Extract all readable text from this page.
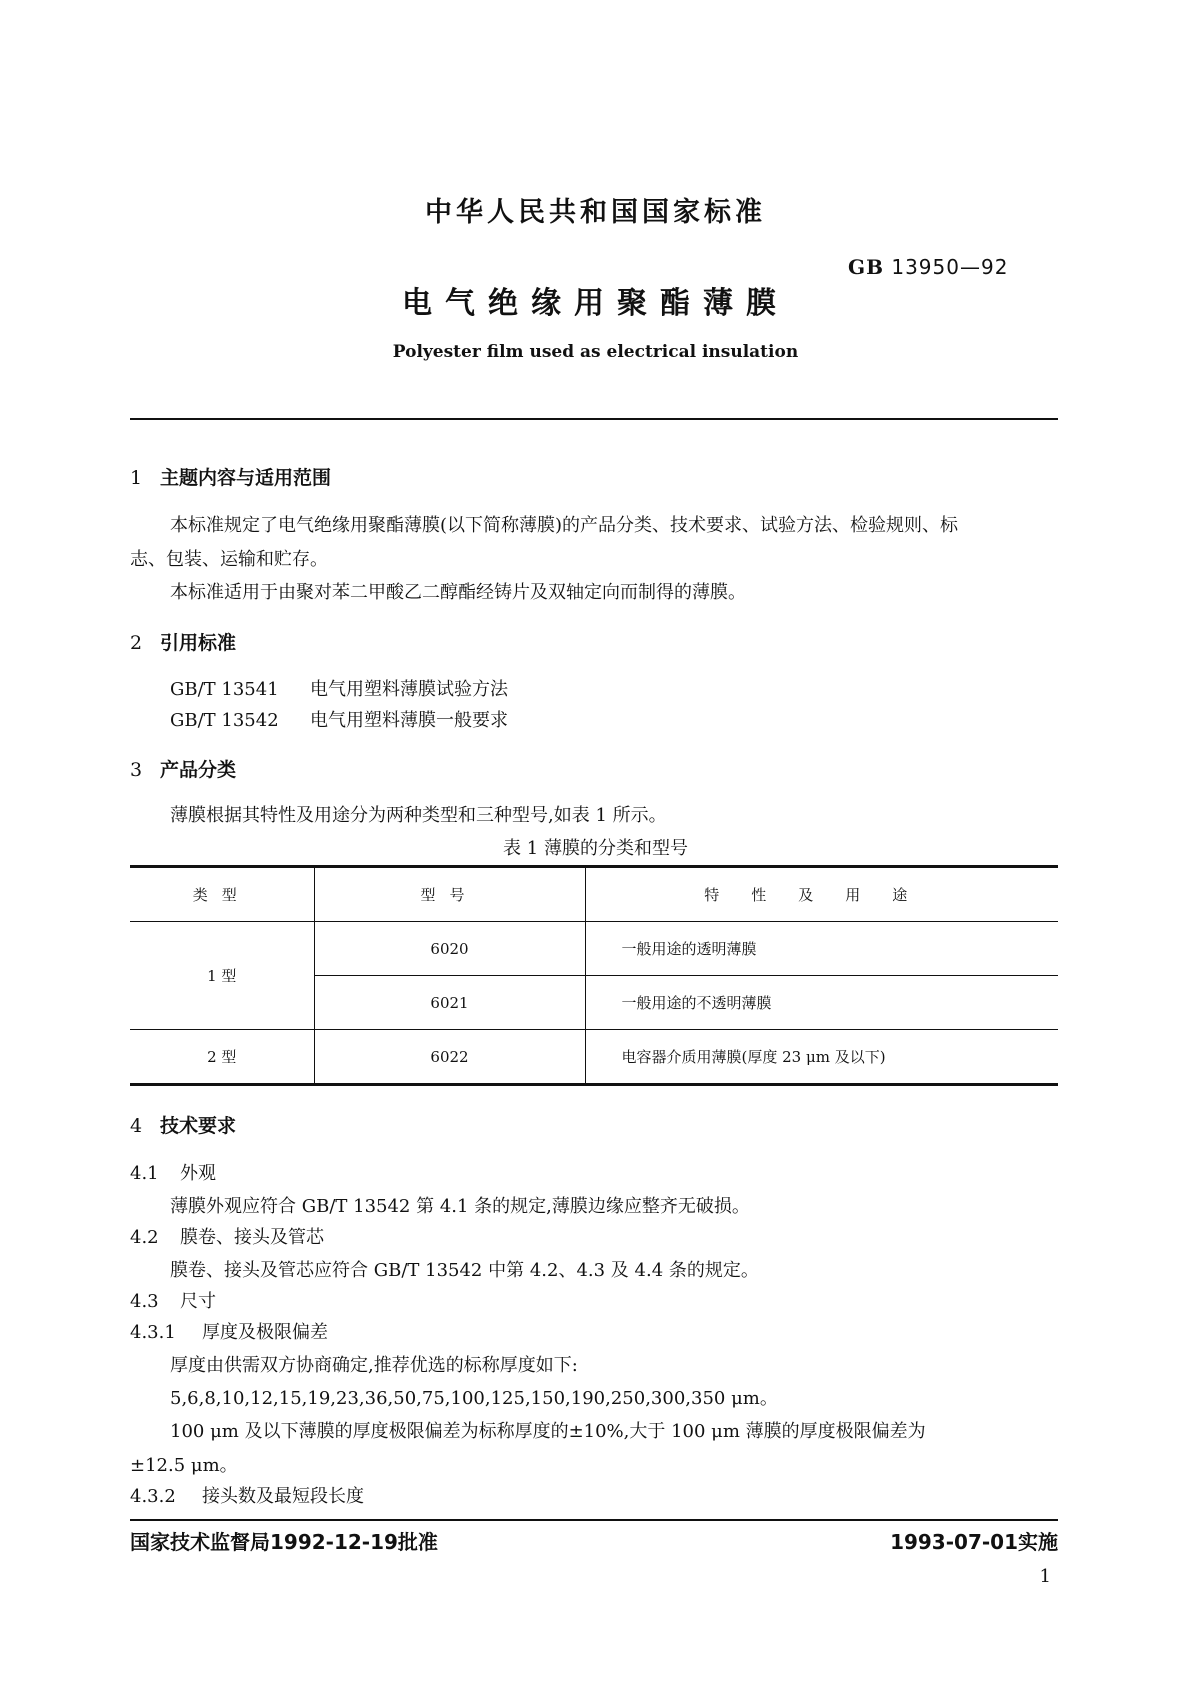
中华人民共和国国家标准
GB 13950—92
电气绝缘用聚酯薄膜
Polyester film used as electrical insulation
1 主题内容与适用范围
本标准规定了电气绝缘用聚酯薄膜(以下简称薄膜)的产品分类、技术要求、试验方法、检验规则、标
志、包装、运输和贮存。
本标准适用于由聚对苯二甲酸乙二醇酯经铸片及双轴定向而制得的薄膜。
2 引用标准
GB/T 13541 电气用塑料薄膜试验方法
GB/T 13542 电气用塑料薄膜一般要求
3 产品分类
薄膜根据其特性及用途分为两种类型和三种型号,如表 1 所示。
表 1 薄膜的分类和型号
类型	型号	特性及用途
1 型	6020	一般用途的透明薄膜
	6021	一般用途的不透明薄膜
2 型	6022	电容器介质用薄膜(厚度 23 μm 及以下)
4 技术要求
4.1 外观
薄膜外观应符合 GB/T 13542 第 4.1 条的规定,薄膜边缘应整齐无破损。
4.2 膜卷、接头及管芯
膜卷、接头及管芯应符合 GB/T 13542 中第 4.2、4.3 及 4.4 条的规定。
4.3 尺寸
4.3.1 厚度及极限偏差
厚度由供需双方协商确定,推荐优选的标称厚度如下:
5,6,8,10,12,15,19,23,36,50,75,100,125,150,190,250,300,350 μm。
100 μm 及以下薄膜的厚度极限偏差为标称厚度的±10%,大于 100 μm 薄膜的厚度极限偏差为
±12.5 μm。
4.3.2 接头数及最短段长度
国家技术监督局1992-12-19批准	1993-07-01实施
1
